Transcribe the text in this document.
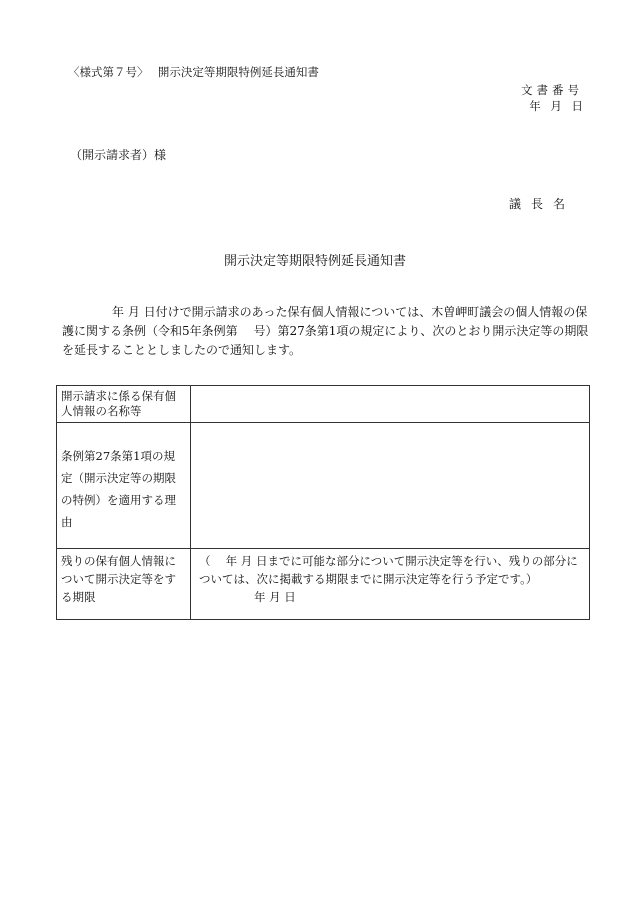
〈様式第７号〉　 開示決定等期限特例延長通知書
文書番号
年 月 日
（開示請求者）様
議長名
開示決定等期限特例延長通知書
年 月 日付けで開示請求のあった保有個人情報については、木曽岬町議会の個人情報の保護に関する条例（令和5年条例第　 号）第27条第1項の規定により、次のとおり開示決定等の期限を延長することとしましたので通知します。
開示請求に係る保有個人情報の名称等	
条例第27条第1項の規定（開示決定等の期限の特例）を適用する理由	
残りの保有個人情報について開示決定等をする期限	（　 年 月 日までに可能な部分について開示決定等を行い、残りの部分については、次に掲載する期限までに開示決定等を行う予定です。）
年 月 日
